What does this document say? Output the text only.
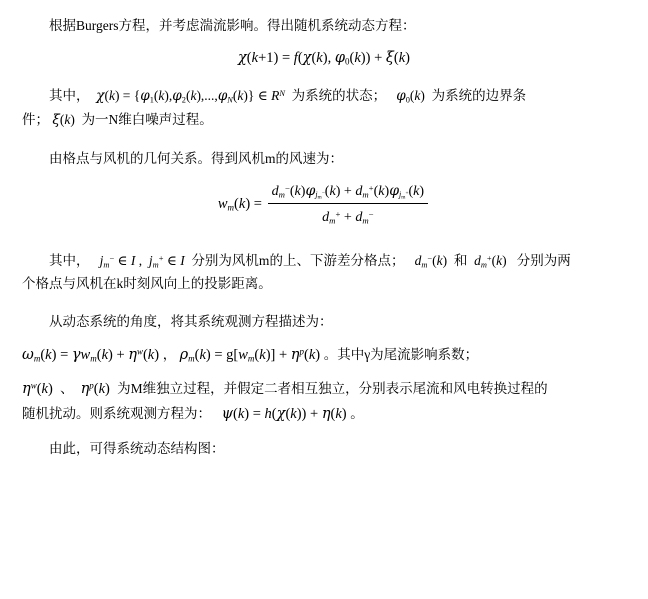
根据Burgers方程，并考虑湍流影响。得出随机系统动态方程：

χ(k+1) = f(χ(k), $\varphi_0(k)) + \xi(k)$

其中， $\chi(k) = \{\varphi_1(k),\varphi_2(k),...,\varphi_N(k)\}$ ∈ $R^N$ 为系统的状态； $\varphi_0(k)$ 为系统的边界条

件； ξ(k) 为一N维白噪声过程。

由格点与风机的几何关系。得到风机m的风速为：

$w_m(k) = \frac{d_m^-(k)\varphi_{j_m^-}(k) + d_m^+(k)\varphi_{j_m^+}(k)}{d_m^+ + d_m^-}$

其中， $j_m^-$ ∈ I ,  $j_m^+$ ∈ I 分别为风机m的上、下游差分格点； $d_m^-(k)$ 和 $d_m^+(k)$ 分别为两

个格点与风机在k时刻风向上的投影距离。

从动态系统的角度，将其系统观测方程描述为：

$\omega_m(k) = \gamma w_m(k) + \eta^w(k)$ ， $\rho_m(k) = g[w_m(k)] + \eta^p(k)$ 。其中γ为尾流影响系数；

$\eta^w(k)$ 、 $\eta^p(k)$ 为M维独立过程，并假定二者相互独立，分别表示尾流和风电转换过程的

随机扰动。则系统观测方程为： ψ(k) = h(χ(k)) + η(k) 。

由此，可得系统动态结构图：
